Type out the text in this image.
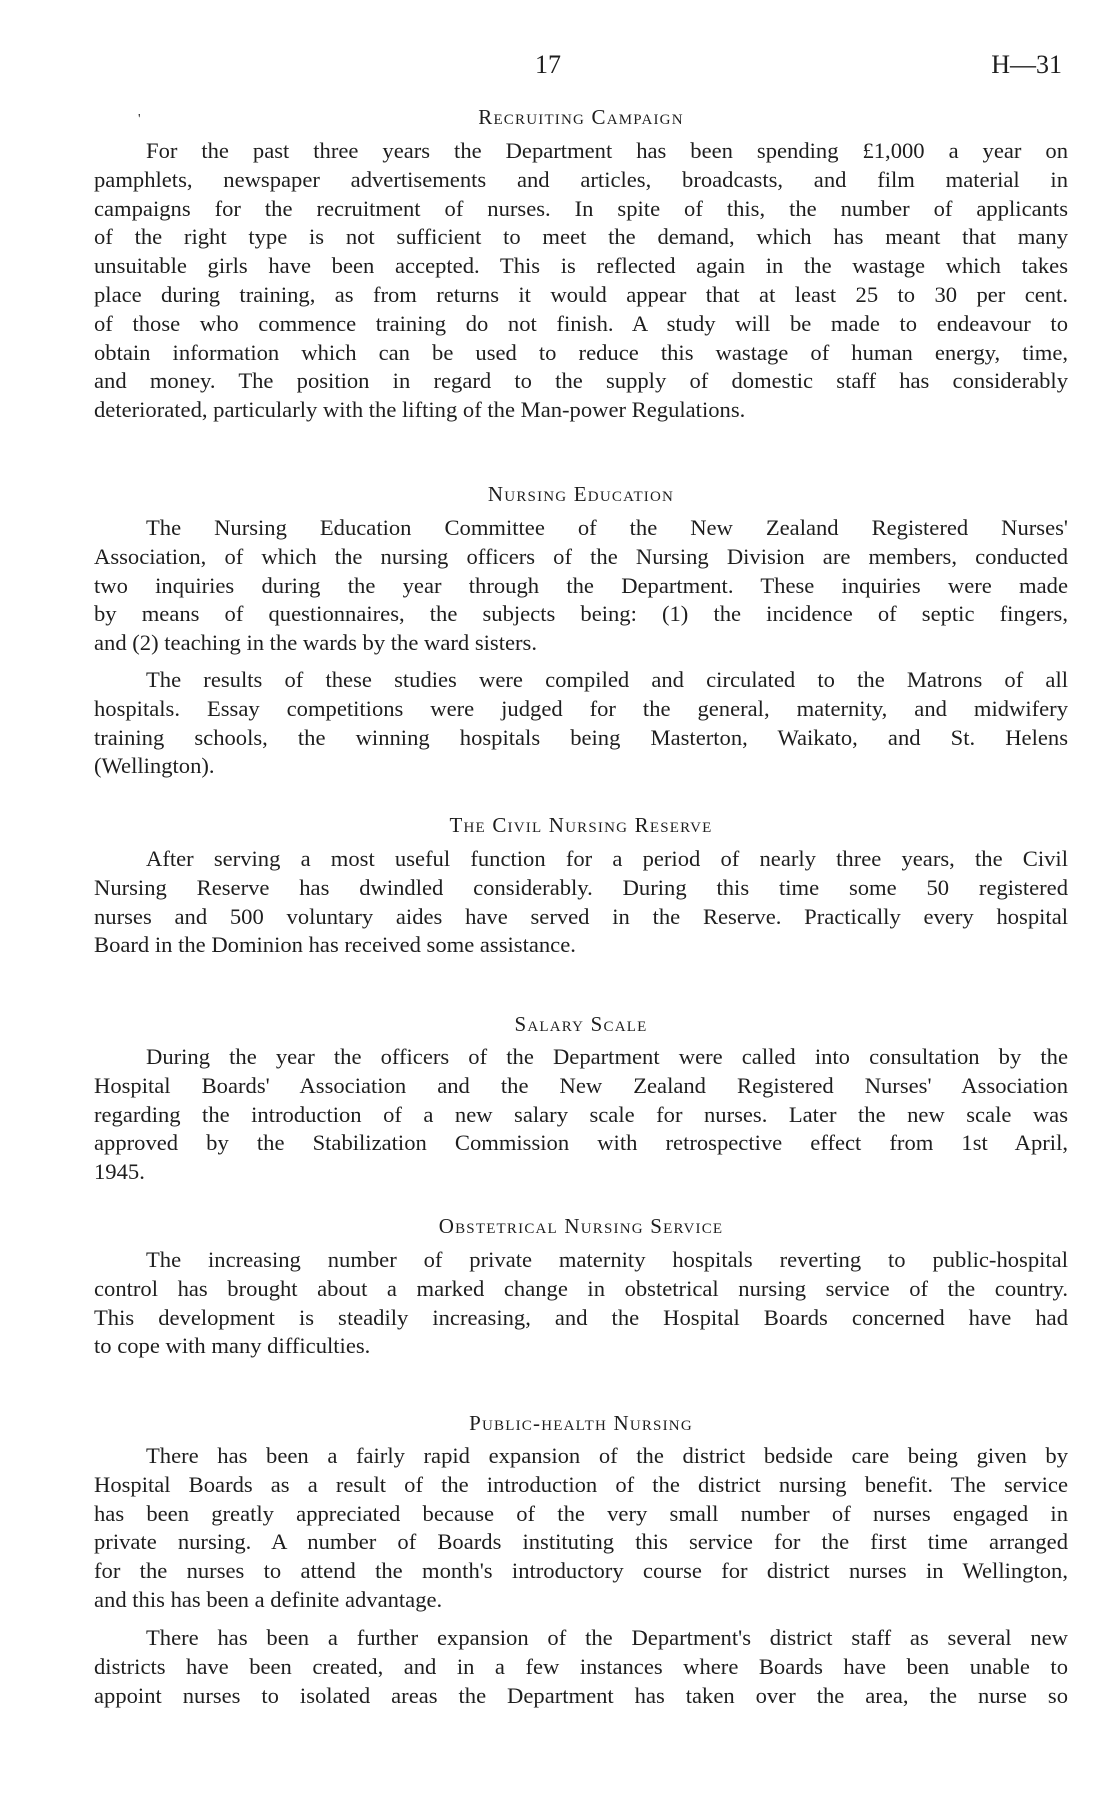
17	H—31
'	Recruiting Campaign
For the past three years the Department has been spending £1,000 a year on
pamphlets, newspaper advertisements and articles, broadcasts, and film material in
campaigns for the recruitment of nurses. In spite of this, the number of applicants
of the right type is not sufficient to meet the demand, which has meant that many
unsuitable girls have been accepted. This is reflected again in the wastage which takes
place during training, as from returns it would appear that at least 25 to 30 per cent.
of those who commence training do not finish. A study will be made to endeavour to
obtain information which can be used to reduce this wastage of human energy, time,
and money. The position in regard to the supply of domestic staff has considerably
deteriorated, particularly with the lifting of the Man-power Regulations.
Nursing Education
The Nursing Education Committee of the New Zealand Registered Nurses'
Association, of which the nursing officers of the Nursing Division are members, conducted
two inquiries during the year through the Department. These inquiries were made
by means of questionnaires, the subjects being: (1) the incidence of septic fingers,
and (2) teaching in the wards by the ward sisters.
The results of these studies were compiled and circulated to the Matrons of all
hospitals. Essay competitions were judged for the general, maternity, and midwifery
training schools, the winning hospitals being Masterton, Waikato, and St. Helens
(Wellington).
The Civil Nursing Reserve
After serving a most useful function for a period of nearly three years, the Civil
Nursing Reserve has dwindled considerably. During this time some 50 registered
nurses and 500 voluntary aides have served in the Reserve. Practically every hospital
Board in the Dominion has received some assistance.
Salary Scale
During the year the officers of the Department were called into consultation by the
Hospital Boards' Association and the New Zealand Registered Nurses' Association
regarding the introduction of a new salary scale for nurses. Later the new scale was
approved by the Stabilization Commission with retrospective effect from 1st April,
1945.
Obstetrical Nursing Service
The increasing number of private maternity hospitals reverting to public-hospital
control has brought about a marked change in obstetrical nursing service of the country.
This development is steadily increasing, and the Hospital Boards concerned have had
to cope with many difficulties.
Public-health Nursing
There has been a fairly rapid expansion of the district bedside care being given by
Hospital Boards as a result of the introduction of the district nursing benefit. The service
has been greatly appreciated because of the very small number of nurses engaged in
private nursing. A number of Boards instituting this service for the first time arranged
for the nurses to attend the month's introductory course for district nurses in Wellington,
and this has been a definite advantage.
There has been a further expansion of the Department's district staff as several new
districts have been created, and in a few instances where Boards have been unable to
appoint nurses to isolated areas the Department has taken over the area, the nurse so
